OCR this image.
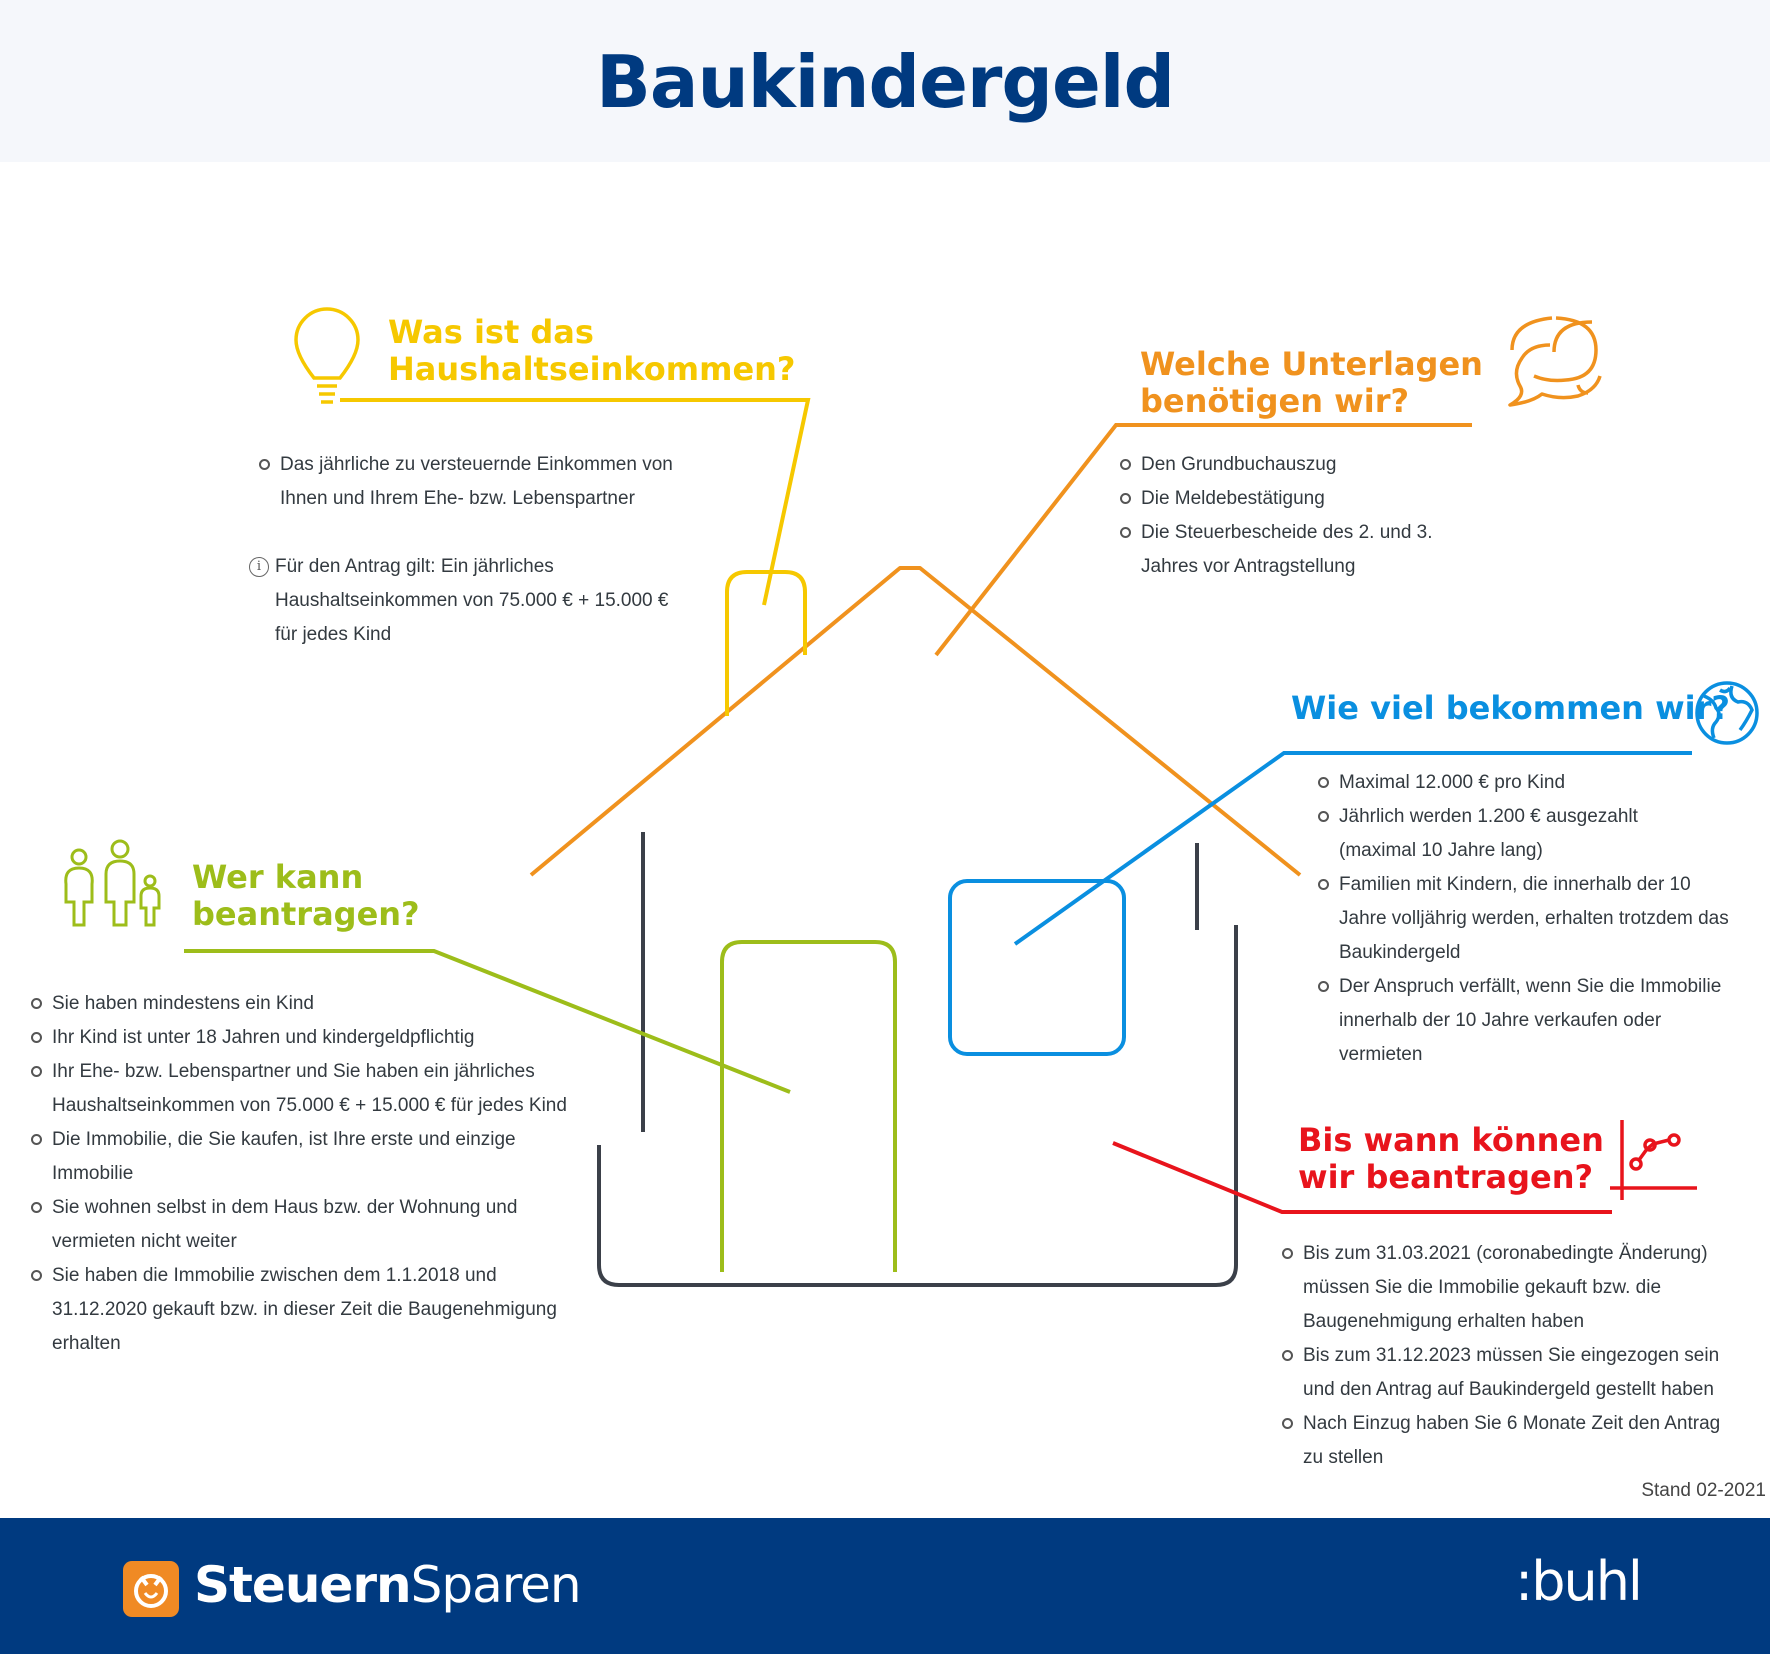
Baukindergeld
Was ist das
Haushaltseinkommen?
Das jährliche zu versteuernde Einkommen von
Ihnen und Ihrem Ehe- bzw. Lebenspartner
i Für den Antrag gilt: Ein jährliches
Haushaltseinkommen von 75.000 € + 15.000 €
für jedes Kind
Welche Unterlagen
benötigen wir?
Den Grundbuchauszug
Die Meldebestätigung
Die Steuerbescheide des 2. und 3.
Jahres vor Antragstellung
Wie viel bekommen wir?
Maximal 12.000 € pro Kind
Jährlich werden 1.200 € ausgezahlt
(maximal 10 Jahre lang)
Familien mit Kindern, die innerhalb der 10
Jahre volljährig werden, erhalten trotzdem das
Baukindergeld
Der Anspruch verfällt, wenn Sie die Immobilie
innerhalb der 10 Jahre verkaufen oder
vermieten
Wer kann
beantragen?
Sie haben mindestens ein Kind
Ihr Kind ist unter 18 Jahren und kindergeldpflichtig
Ihr Ehe- bzw. Lebenspartner und Sie haben ein jährliches
Haushaltseinkommen von 75.000 € + 15.000 € für jedes Kind
Die Immobilie, die Sie kaufen, ist Ihre erste und einzige
Immobilie
Sie wohnen selbst in dem Haus bzw. der Wohnung und
vermieten nicht weiter
Sie haben die Immobilie zwischen dem 1.1.2018 und
31.12.2020 gekauft bzw. in dieser Zeit die Baugenehmigung
erhalten
Bis wann können
wir beantragen?
Bis zum 31.03.2021 (coronabedingte Änderung)
müssen Sie die Immobilie gekauft bzw. die
Baugenehmigung erhalten haben
Bis zum 31.12.2023 müssen Sie eingezogen sein
und den Antrag auf Baukindergeld gestellt haben
Nach Einzug haben Sie 6 Monate Zeit den Antrag
zu stellen
Stand 02-2021
SteuernSparen	:buhl
